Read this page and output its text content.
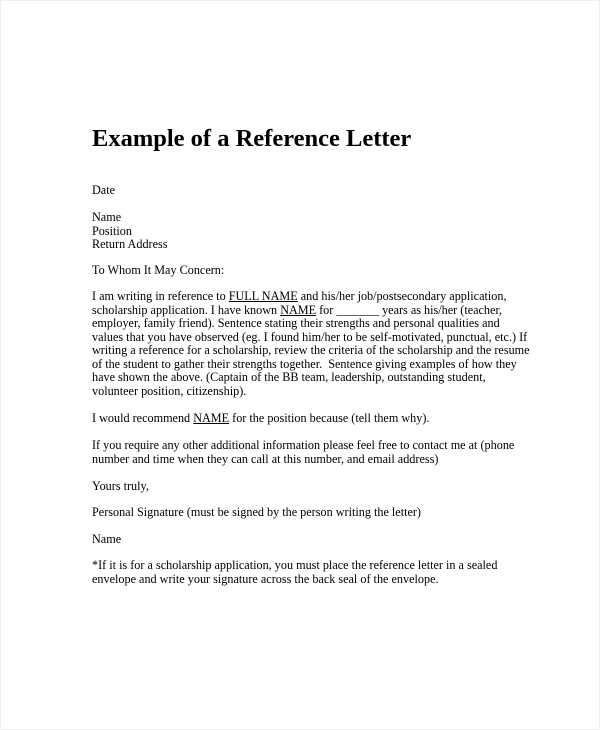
Example of a Reference Letter
Date
Name
Position
Return Address
To Whom It May Concern:
I am writing in reference to FULL NAME and his/her job/postsecondary application,
scholarship application. I have known NAME for _______ years as his/her (teacher,
employer, family friend). Sentence stating their strengths and personal qualities and
values that you have observed (eg. I found him/her to be self-motivated, punctual, etc.) If
writing a reference for a scholarship, review the criteria of the scholarship and the resume
of the student to gather their strengths together.  Sentence giving examples of how they
have shown the above. (Captain of the BB team, leadership, outstanding student,
volunteer position, citizenship).
I would recommend NAME for the position because (tell them why).
If you require any other additional information please feel free to contact me at (phone
number and time when they can call at this number, and email address)
Yours truly,
Personal Signature (must be signed by the person writing the letter)
Name
*If it is for a scholarship application, you must place the reference letter in a sealed
envelope and write your signature across the back seal of the envelope.
